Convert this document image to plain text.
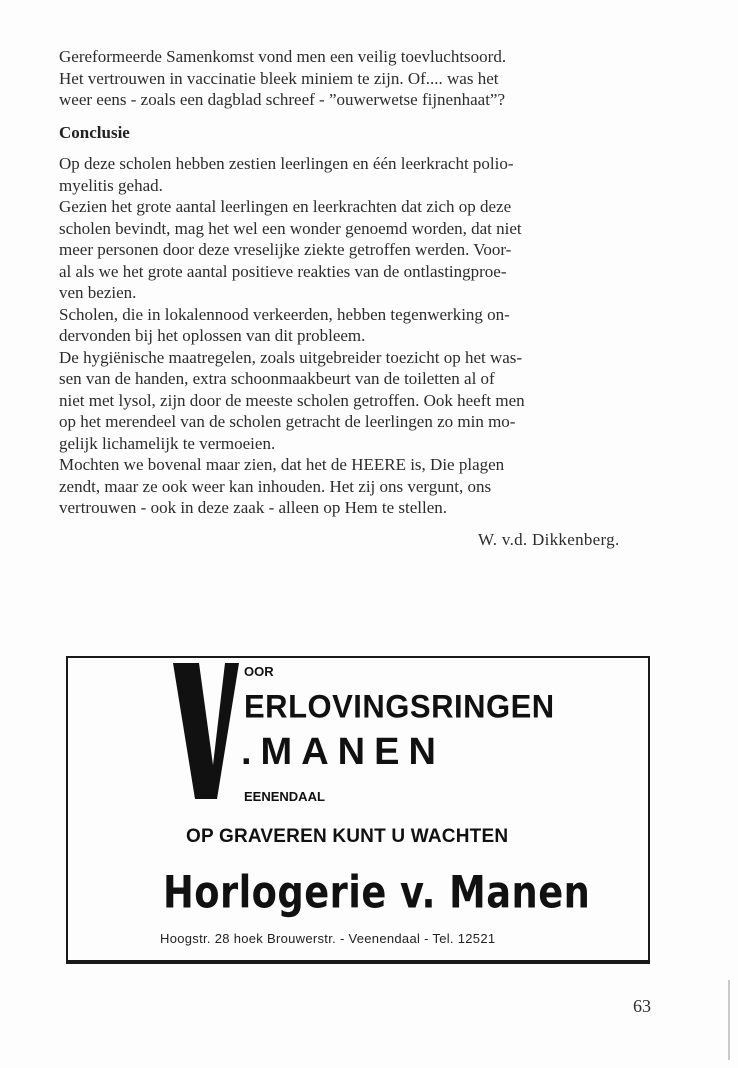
Gereformeerde Samenkomst vond men een veilig toevluchtsoord.
Het vertrouwen in vaccinatie bleek miniem te zijn. Of.... was het
weer eens - zoals een dagblad schreef - ”ouwerwetse fijnenhaat”?
Conclusie
Op deze scholen hebben zestien leerlingen en één leerkracht polio-
myelitis gehad.
Gezien het grote aantal leerlingen en leerkrachten dat zich op deze
scholen bevindt, mag het wel een wonder genoemd worden, dat niet
meer personen door deze vreselijke ziekte getroffen werden. Voor-
al als we het grote aantal positieve reakties van de ontlastingproe-
ven bezien.
Scholen, die in lokalennood verkeerden, hebben tegenwerking on-
dervonden bij het oplossen van dit probleem.
De hygiënische maatregelen, zoals uitgebreider toezicht op het was-
sen van de handen, extra schoonmaakbeurt van de toiletten al of
niet met lysol, zijn door de meeste scholen getroffen. Ook heeft men
op het merendeel van de scholen getracht de leerlingen zo min mo-
gelijk lichamelijk te vermoeien.
Mochten we bovenal maar zien, dat het de HEERE is, Die plagen
zendt, maar ze ook weer kan inhouden. Het zij ons vergunt, ons
vertrouwen - ook in deze zaak - alleen op Hem te stellen.
W. v.d. Dikkenberg.
OOR
ERLOVINGSRINGEN
.MANEN
EENENDAAL
OP GRAVEREN KUNT U WACHTEN
Horlogerie v. Manen
Hoogstr. 28 hoek Brouwerstr. - Veenendaal - Tel. 12521
63
